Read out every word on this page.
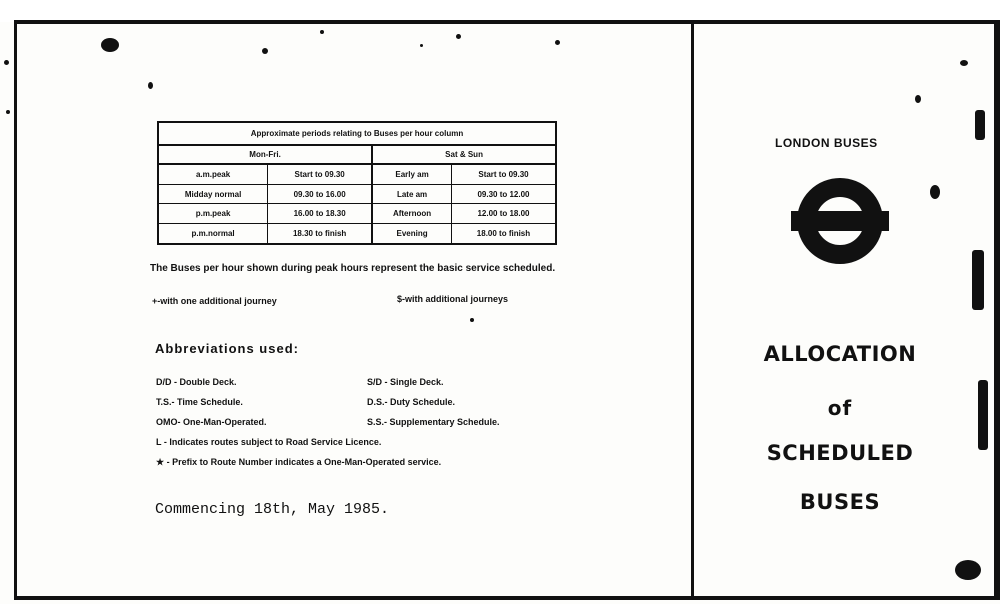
Approximate periods relating to Buses per hour column			
Mon-Fri.		Sat & Sun	
a.m.peak	Start to 09.30	Early am	Start to 09.30
Midday normal	09.30 to 16.00	Late am	09.30 to 12.00
p.m.peak	16.00 to 18.30	Afternoon	12.00 to 18.00
p.m.normal	18.30 to finish	Evening	18.00 to finish
The Buses per hour shown during peak hours represent the basic service scheduled.
+-with one additional journey	$-with additional journeys
Abbreviations used:
D/D - Double Deck.
T.S.- Time Schedule.
OMO- One-Man-Operated.
S/D - Single Deck.
D.S.- Duty Schedule.
S.S.- Supplementary Schedule.
L - Indicates routes subject to Road Service Licence.
★ - Prefix to Route Number indicates a One-Man-Operated service.
Commencing 18th, May 1985.
LONDON BUSES
ALLOCATION
of
SCHEDULED
BUSES
